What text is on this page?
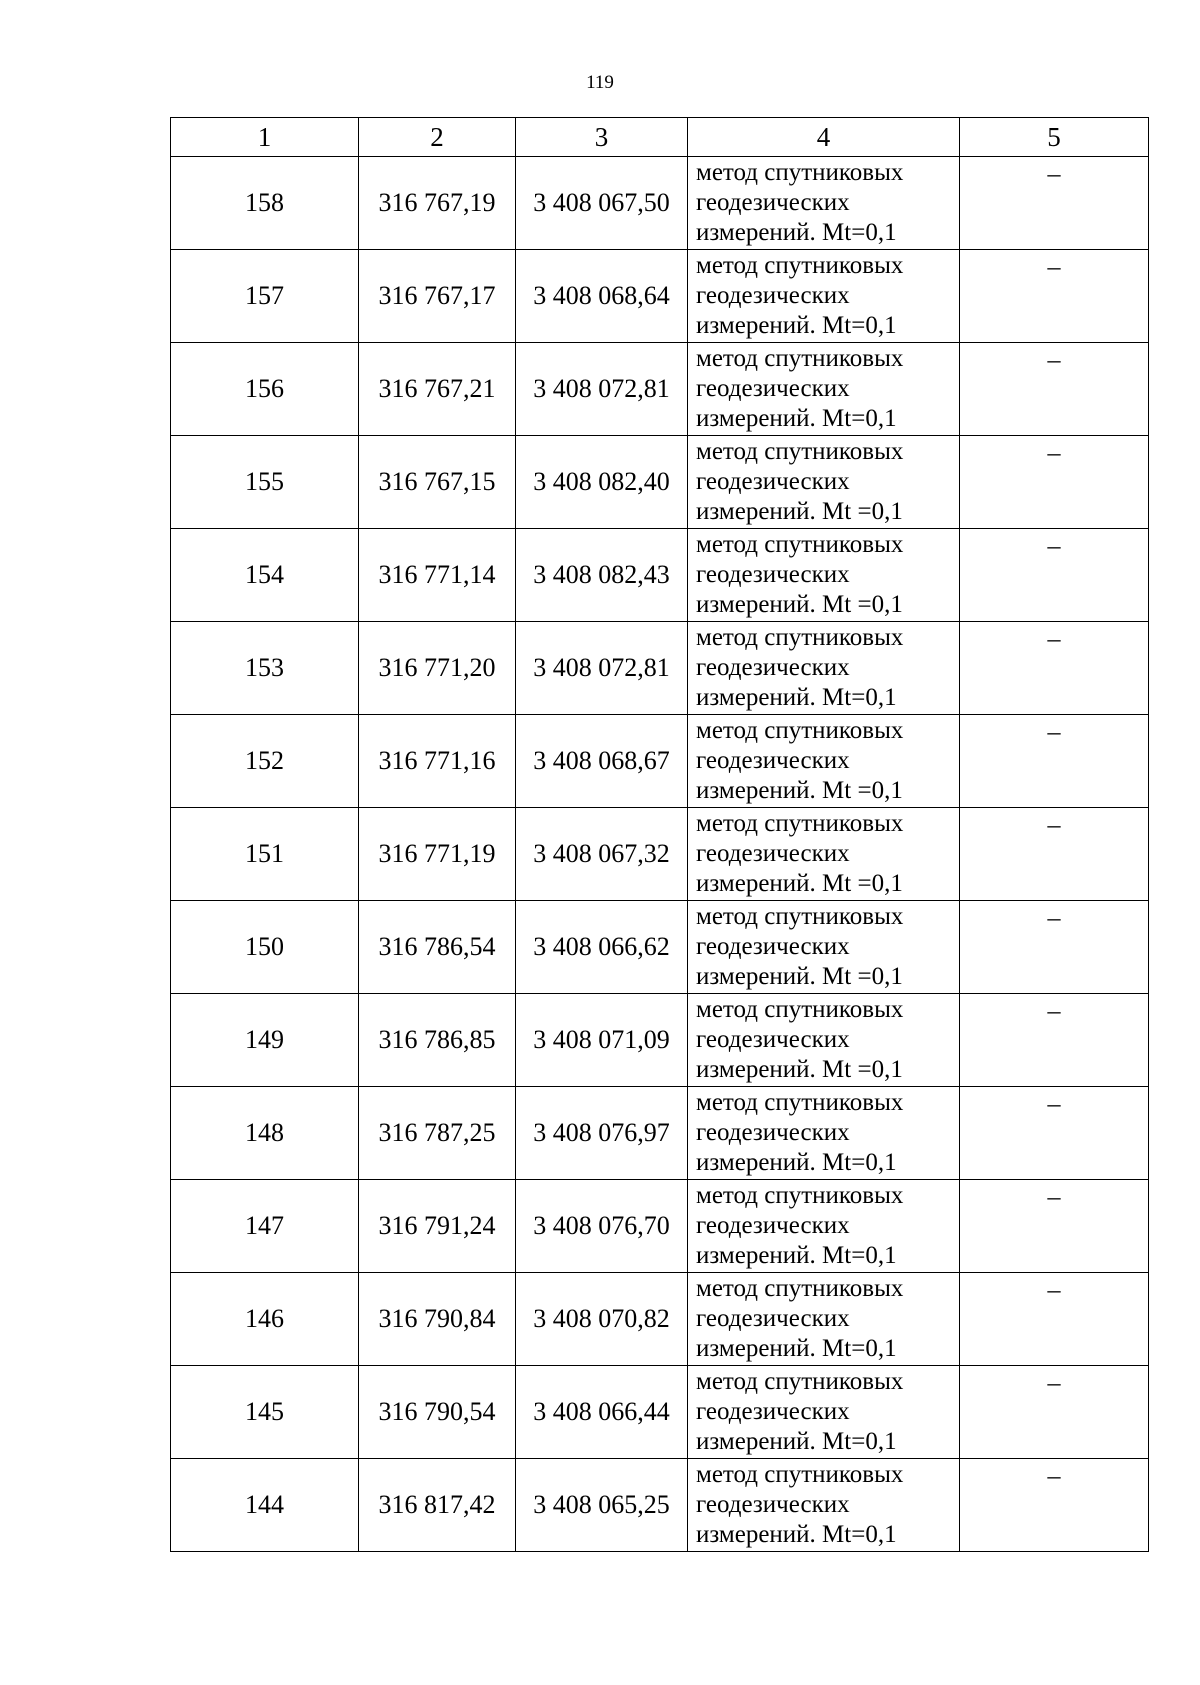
119
1	2	3	4	5
158	316 767,19	3 408 067,50	метод спутниковых
геодезических
измерений. Mt=0,1	–
157	316 767,17	3 408 068,64	метод спутниковых
геодезических
измерений. Mt=0,1	–
156	316 767,21	3 408 072,81	метод спутниковых
геодезических
измерений. Mt=0,1	–
155	316 767,15	3 408 082,40	метод спутниковых
геодезических
измерений. Mt =0,1	–
154	316 771,14	3 408 082,43	метод спутниковых
геодезических
измерений. Mt =0,1	–
153	316 771,20	3 408 072,81	метод спутниковых
геодезических
измерений. Mt=0,1	–
152	316 771,16	3 408 068,67	метод спутниковых
геодезических
измерений. Mt =0,1	–
151	316 771,19	3 408 067,32	метод спутниковых
геодезических
измерений. Mt =0,1	–
150	316 786,54	3 408 066,62	метод спутниковых
геодезических
измерений. Mt =0,1	–
149	316 786,85	3 408 071,09	метод спутниковых
геодезических
измерений. Mt =0,1	–
148	316 787,25	3 408 076,97	метод спутниковых
геодезических
измерений. Mt=0,1	–
147	316 791,24	3 408 076,70	метод спутниковых
геодезических
измерений. Mt=0,1	–
146	316 790,84	3 408 070,82	метод спутниковых
геодезических
измерений. Mt=0,1	–
145	316 790,54	3 408 066,44	метод спутниковых
геодезических
измерений. Mt=0,1	–
144	316 817,42	3 408 065,25	метод спутниковых
геодезических
измерений. Mt=0,1	–
